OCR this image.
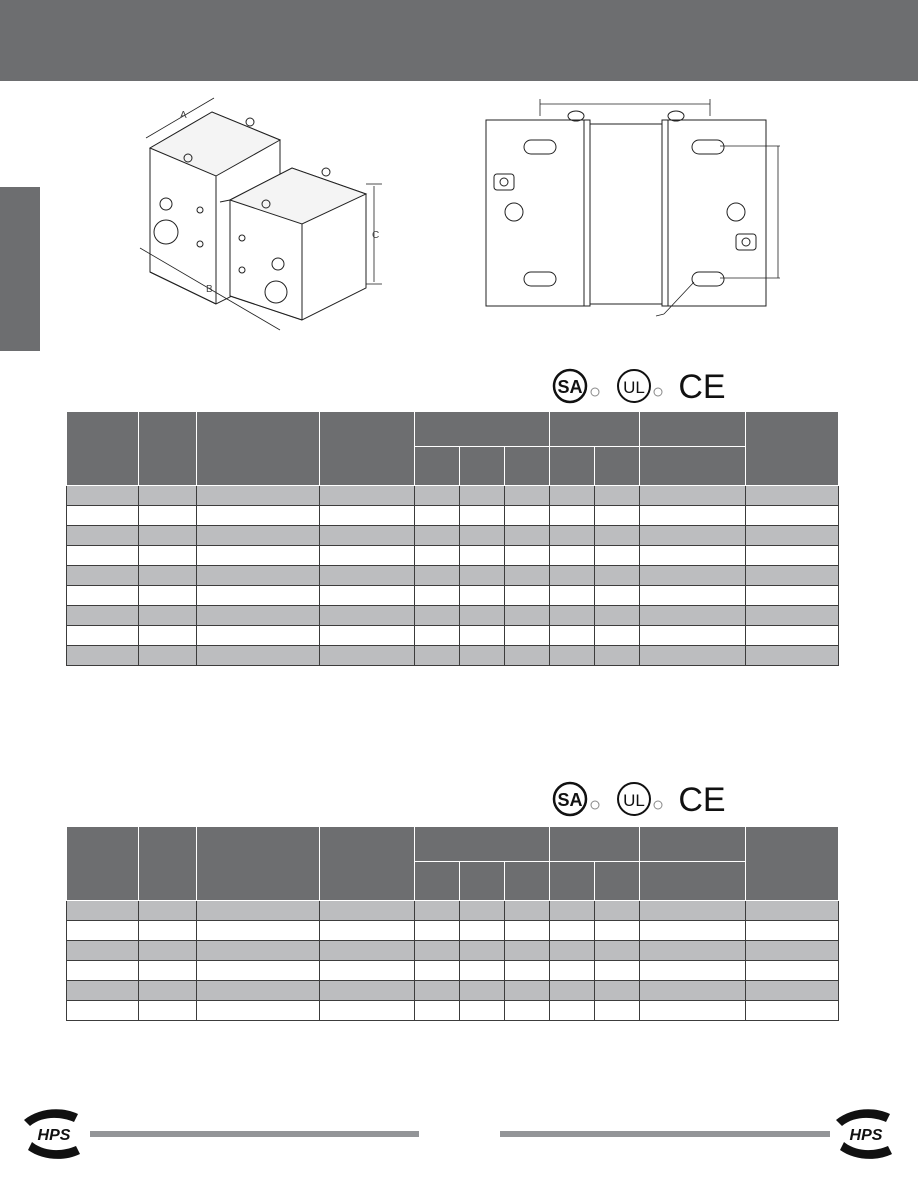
A
B
C
SA UL CE

SA UL CE

HPS	HPS
